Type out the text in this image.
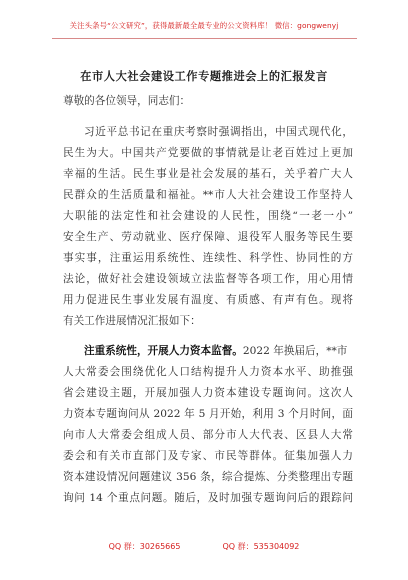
关注头条号“公文研究”，获得最新最全最专业的公文资料库！ 微信：gongwenyj
在市人大社会建设工作专题推进会上的汇报发言
尊敬的各位领导，同志们：
习近平总书记在重庆考察时强调指出，中国式现代化，
民生为大。中国共产党要做的事情就是让老百姓过上更加
幸福的生活。民生事业是社会发展的基石，关乎着广大人
民群众的生活质量和福祉。**市人大社会建设工作坚持人
大职能的法定性和社会建设的人民性，围绕“一老一小”
安全生产、劳动就业、医疗保障、退役军人服务等民生要
事实事，注重运用系统性、连续性、科学性、协同性的方
法论，做好社会建设领域立法监督等各项工作，用心用情
用力促进民生事业发展有温度、有质感、有声有色。现将
有关工作进展情况汇报如下：
注重系统性，开展人力资本监督。2022 年换届后，**市
人大常委会围绕优化人口结构提升人力资本水平、助推强
省会建设主题，开展加强人力资本建设专题询问。这次人
力资本专题询问从 2022 年 5 月开始，利用 3 个月时间，面
向市人大常委会组成人员、部分市人大代表、区县人大常
委会和有关市直部门及专家、市民等群体。征集加强人力
资本建设情况问题建议 356 条，综合提炼、分类整理出专题
询问 14 个重点问题。随后，及时加强专题询问后的跟踪问
QQ 群：30265665	QQ 群：535304092
